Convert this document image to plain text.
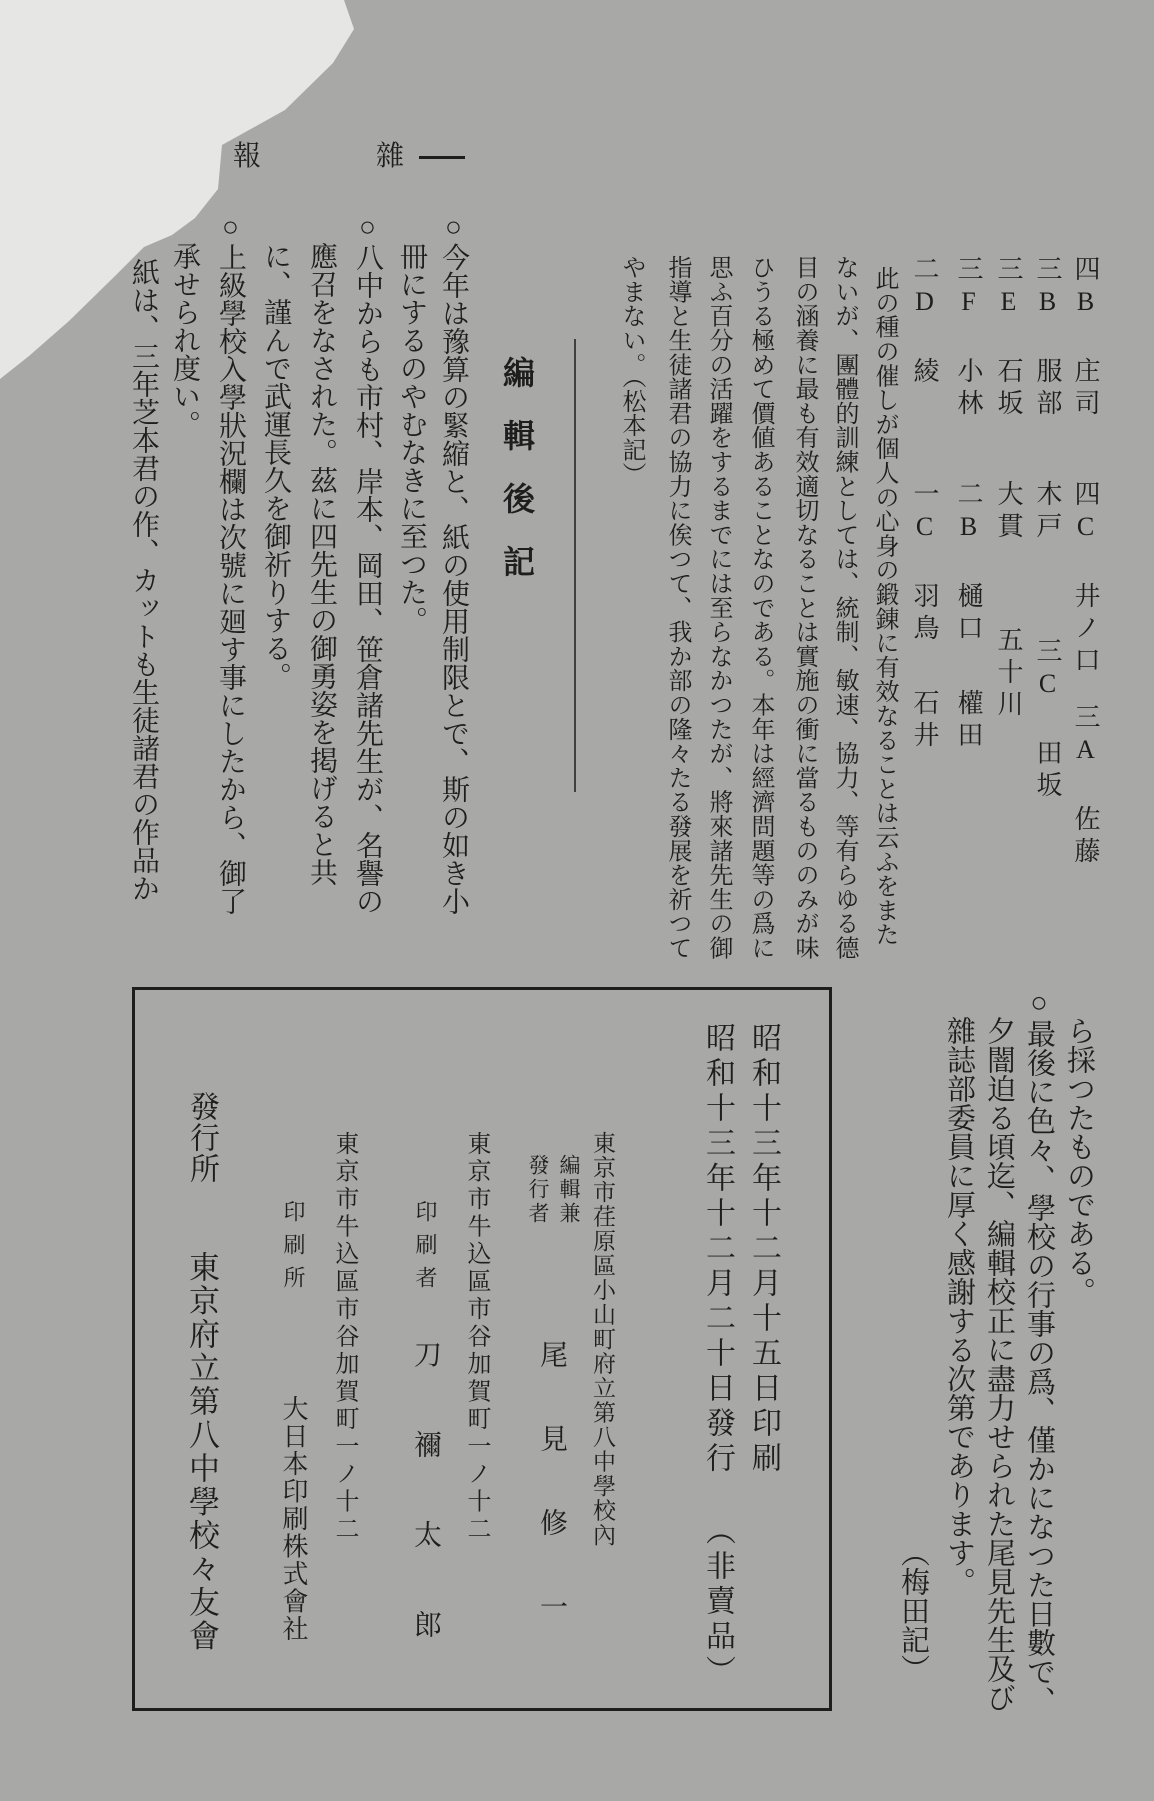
雜
報
四B 庄司
四C 井ノ口
三A 佐藤
三B 服部
木戸
三C 田坂
三E 石坂
大貫
五十川
三F 小林
二B 樋口
權田
二D 綾
一C 羽鳥
石井
此の種の催しが個人の心身の鍛錬に有效なることは云ふをまた
ないが、團體的訓練としては、統制、敏速、協力、等有らゆる德
目の涵養に最も有效適切なることは實施の衝に當るもののみが味
ひうる極めて價値あることなのである。本年は經濟問題等の爲に
思ふ百分の活躍をするまでには至らなかつたが、將來諸先生の御
指導と生徒諸君の協力に俟つて、我か部の隆々たる發展を祈つて
やまない。（松本記）
編輯後記
○今年は豫算の緊縮と、紙の使用制限とで、斯の如き小
冊にするのやむなきに至つた。
○八中からも市村、岸本、岡田、笹倉諸先生が、名譽の
應召をなされた。茲に四先生の御勇姿を掲げると共
に、謹んで武運長久を御祈りする。
○上級學校入學狀況欄は次號に廻す事にしたから、御了
承せられ度い。
紙は、三年芝本君の作、カットも生徒諸君の作品か
ら採つたものである。
○最後に色々、學校の行事の爲、僅かになつた日數で、
夕闇迫る頃迄、編輯校正に盡力せられた尾見先生及び
雜誌部委員に厚く感謝する次第であります。
（梅田記）
昭和十三年十二月十五日印刷
昭和十三年十二月二十日發行
（非賣品）
東京市荏原區小山町府立第八中學校內
編輯兼
發行者
尾見修一
東京市牛込區市谷加賀町一ノ十二
印刷者
刀禰太郎
東京市牛込區市谷加賀町一ノ十二
印刷所
大日本印刷株式會社
發行所
東京府立第八中學校々友會
